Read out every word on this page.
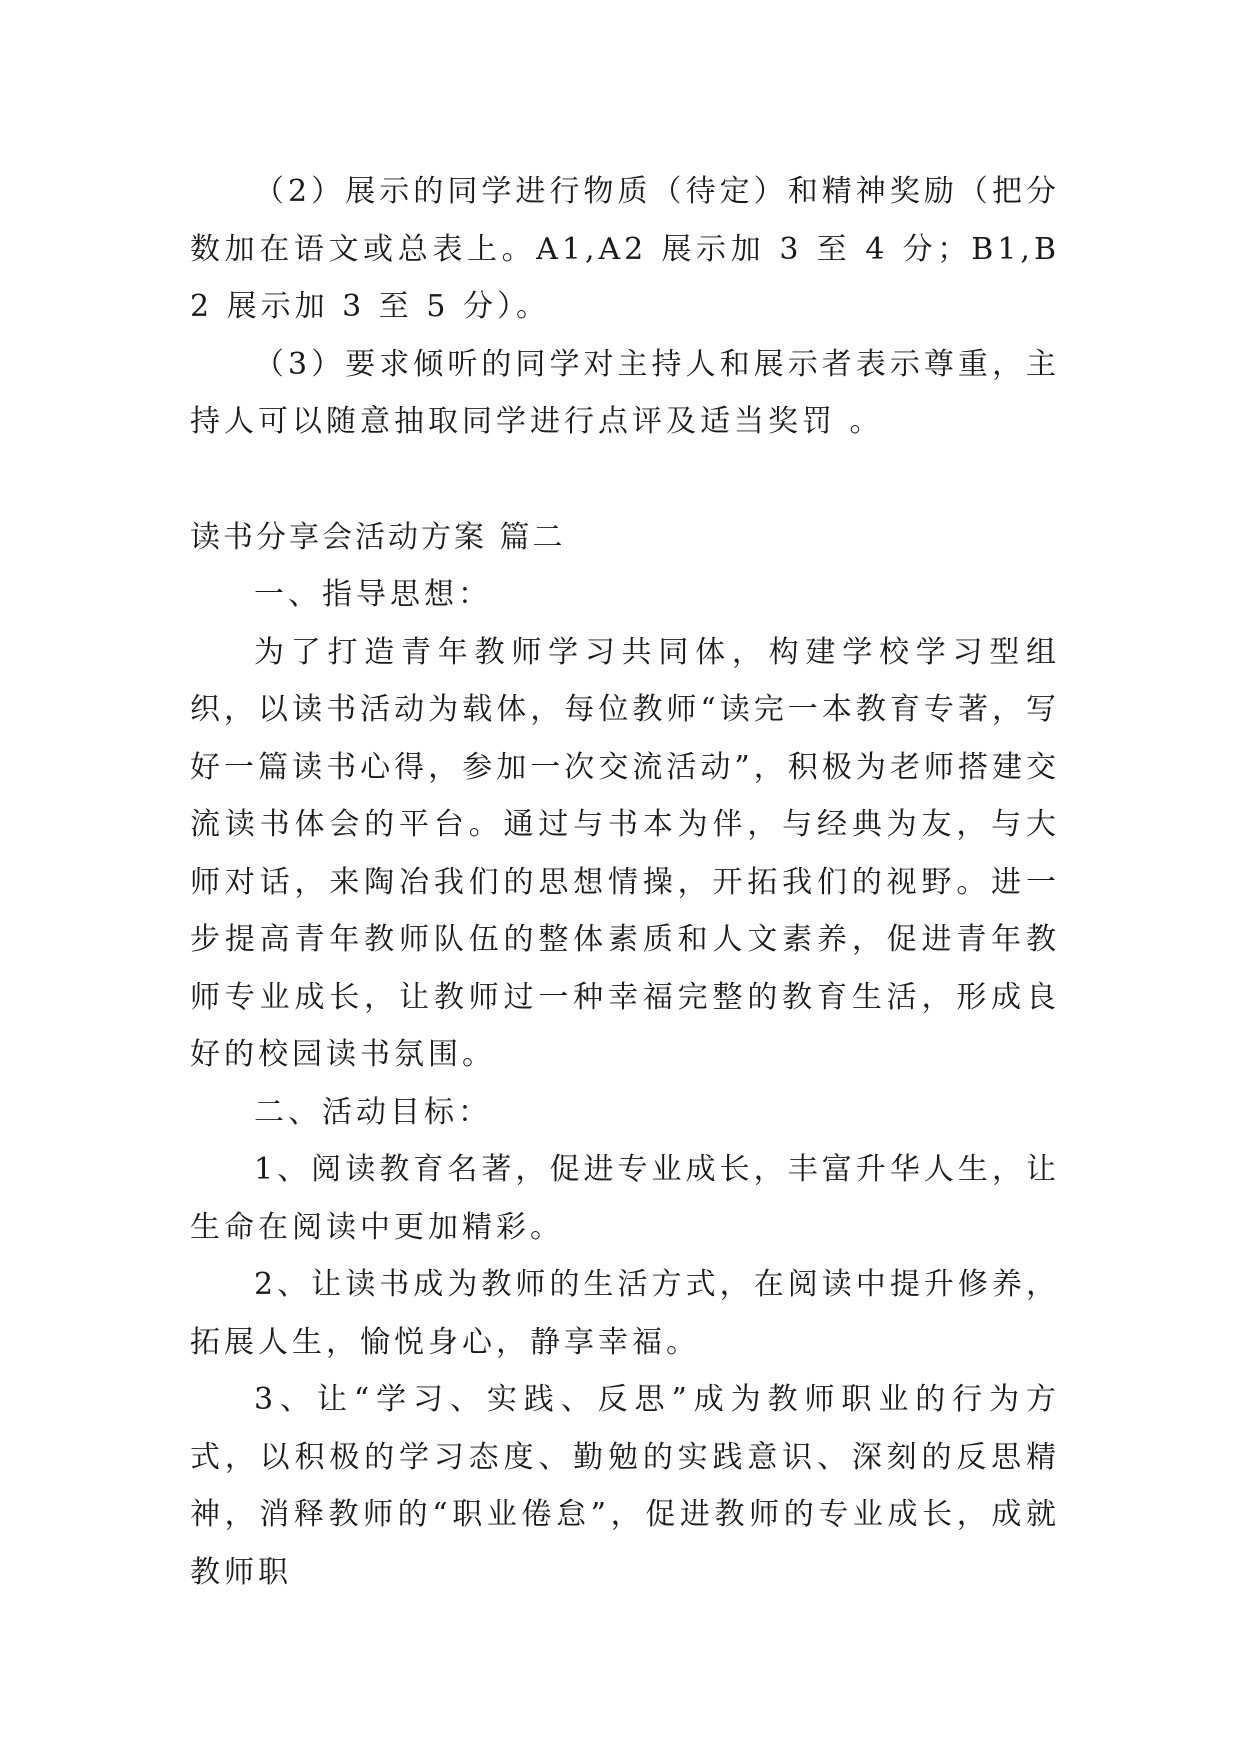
（2）展示的同学进行物质（待定）和精神奖励（把分数加在语文或总表上。A1,A2 展示加 3 至 4 分；B1,B2 展示加 3 至 5 分）。

（3）要求倾听的同学对主持人和展示者表示尊重，主持人可以随意抽取同学进行点评及适当奖罚 。

读书分享会活动方案 篇二

一、指导思想：

为了打造青年教师学习共同体，构建学校学习型组织，以读书活动为载体，每位教师“读完一本教育专著，写好一篇读书心得，参加一次交流活动”，积极为老师搭建交流读书体会的平台。通过与书本为伴，与经典为友，与大师对话，来陶冶我们的思想情操，开拓我们的视野。进一步提高青年教师队伍的整体素质和人文素养，促进青年教师专业成长，让教师过一种幸福完整的教育生活，形成良好的校园读书氛围。

二、活动目标：

1、阅读教育名著，促进专业成长，丰富升华人生，让生命在阅读中更加精彩。

2、让读书成为教师的生活方式，在阅读中提升修养，拓展人生，愉悦身心，静享幸福。

3、让“学习、实践、反思”成为教师职业的行为方式，以积极的学习态度、勤勉的实践意识、深刻的反思精神，消释教师的“职业倦怠”，促进教师的专业成长，成就教师职
